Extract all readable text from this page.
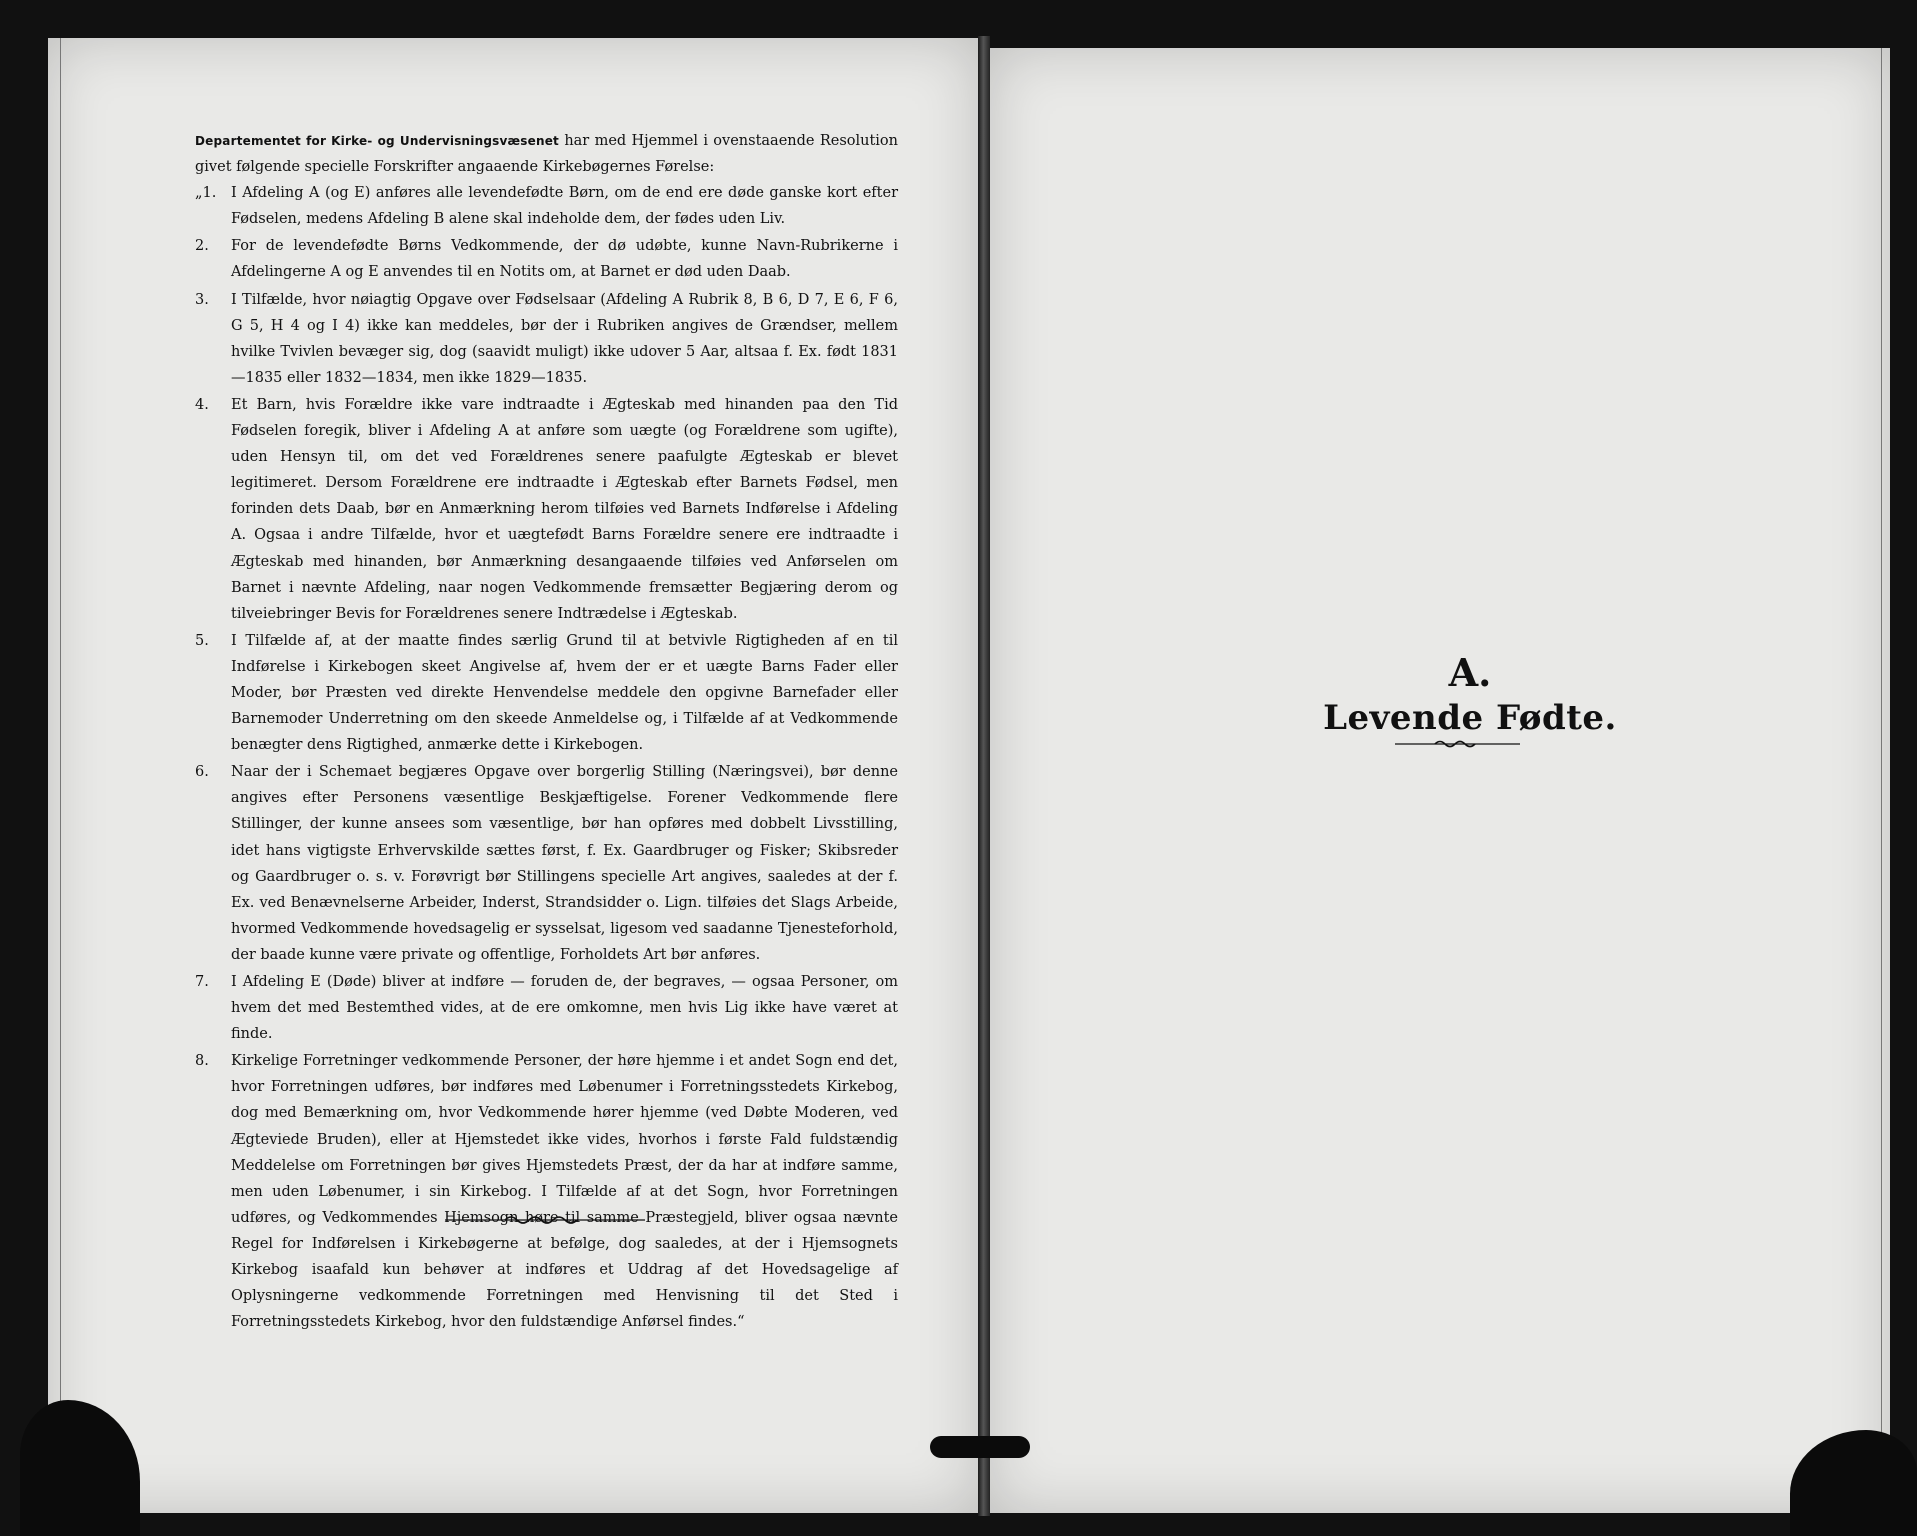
Departementet for Kirke- og Undervisningsvæsenet har med Hjemmel i ovenstaaende Resolution givet følgende specielle Forskrifter angaaende Kirkebøgernes Førelse:

„1.	I Afdeling A (og E) anføres alle levendefødte Børn, om de end ere døde ganske kort efter Fødselen, medens Afdeling B alene skal indeholde dem, der fødes uden Liv.
2.	For de levendefødte Børns Vedkommende, der dø udøbte, kunne Navn-Rubrikerne i Afdelingerne A og E anvendes til en Notits om, at Barnet er død uden Daab.
3.	I Tilfælde, hvor nøiagtig Opgave over Fødselsaar (Afdeling A Rubrik 8, B 6, D 7, E 6, F 6, G 5, H 4 og I 4) ikke kan meddeles, bør der i Rubriken angives de Grændser, mellem hvilke Tvivlen bevæger sig, dog (saavidt muligt) ikke udover 5 Aar, altsaa f. Ex. født 1831—1835 eller 1832—1834, men ikke 1829—1835.
4.	Et Barn, hvis Forældre ikke vare indtraadte i Ægteskab med hinanden paa den Tid Fødselen foregik, bliver i Afdeling A at anføre som uægte (og Forældrene som ugifte), uden Hensyn til, om det ved Forældrenes senere paafulgte Ægteskab er blevet legitimeret. Dersom Forældrene ere indtraadte i Ægteskab efter Barnets Fødsel, men forinden dets Daab, bør en Anmærkning herom tilføies ved Barnets Indførelse i Afdeling A. Ogsaa i andre Tilfælde, hvor et uægtefødt Barns Forældre senere ere indtraadte i Ægteskab med hinanden, bør Anmærkning desangaaende tilføies ved Anførselen om Barnet i nævnte Afdeling, naar nogen Vedkommende fremsætter Begjæring derom og tilveiebringer Bevis for Forældrenes senere Indtrædelse i Ægteskab.
5.	I Tilfælde af, at der maatte findes særlig Grund til at betvivle Rigtigheden af en til Indførelse i Kirkebogen skeet Angivelse af, hvem der er et uægte Barns Fader eller Moder, bør Præsten ved direkte Henvendelse meddele den opgivne Barnefader eller Barnemoder Underretning om den skeede Anmeldelse og, i Tilfælde af at Vedkommende benægter dens Rigtighed, anmærke dette i Kirkebogen.
6.	Naar der i Schemaet begjæres Opgave over borgerlig Stilling (Næringsvei), bør denne angives efter Personens væsentlige Beskjæftigelse. Forener Vedkommende flere Stillinger, der kunne ansees som væsentlige, bør han opføres med dobbelt Livsstilling, idet hans vigtigste Erhvervskilde sættes først, f. Ex. Gaardbruger og Fisker; Skibsreder og Gaardbruger o. s. v. Forøvrigt bør Stillingens specielle Art angives, saaledes at der f. Ex. ved Benævnelserne Arbeider, Inderst, Strandsidder o. Lign. tilføies det Slags Arbeide, hvormed Vedkommende hovedsagelig er sysselsat, ligesom ved saadanne Tjenesteforhold, der baade kunne være private og offentlige, Forholdets Art bør anføres.
7.	I Afdeling E (Døde) bliver at indføre — foruden de, der begraves, — ogsaa Personer, om hvem det med Bestemthed vides, at de ere omkomne, men hvis Lig ikke have været at finde.
8.	Kirkelige Forretninger vedkommende Personer, der høre hjemme i et andet Sogn end det, hvor Forretningen udføres, bør indføres med Løbenumer i Forretningsstedets Kirkebog, dog med Bemærkning om, hvor Vedkommende hører hjemme (ved Døbte Moderen, ved Ægteviede Bruden), eller at Hjemstedet ikke vides, hvorhos i første Fald fuldstændig Meddelelse om Forretningen bør gives Hjemstedets Præst, der da har at indføre samme, men uden Løbenumer, i sin Kirkebog. I Tilfælde af at det Sogn, hvor Forretningen udføres, og Vedkommendes Hjemsogn høre til samme Præstegjeld, bliver ogsaa nævnte Regel for Indførelsen i Kirkebøgerne at befølge, dog saaledes, at der i Hjemsognets Kirkebog isaafald kun behøver at indføres et Uddrag af det Hovedsagelige af Oplysningerne vedkommende Forretningen med Henvisning til det Sted i Forretningsstedets Kirkebog, hvor den fuldstændige Anførsel findes.“
A.
Levende Fødte.
